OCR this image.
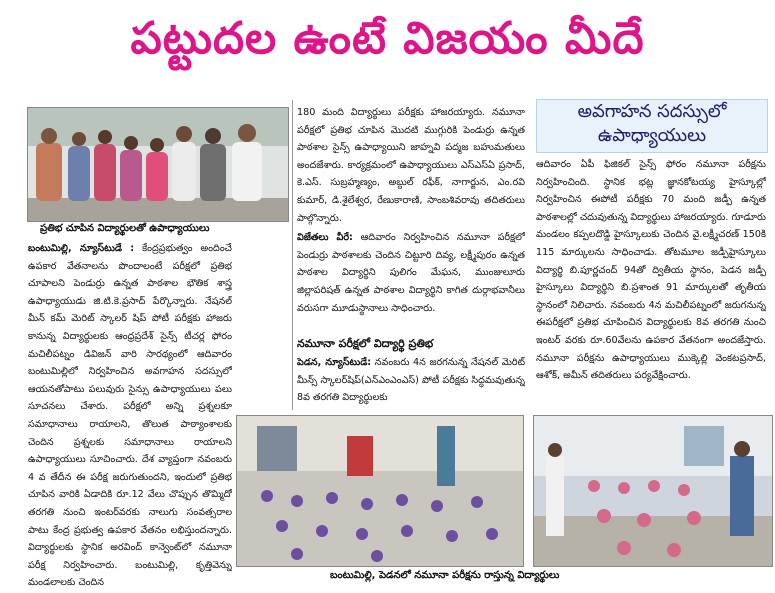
పట్టుదల ఉంటే విజయం మీదే
ప్రతిభ చూపిన విద్యార్థులతో ఉపాధ్యాయులు

బంటుమిల్లి, న్యూస్‌టుడే : కేంద్రప్రభుత్వం అందించే ఉపకార వేతనాలను పొందాలంటే పరీక్షలో ప్రతిభ చూపాలని పెండుర్రు ఉన్నత పాఠశాల భౌతిక శాస్త్ర ఉపాధ్యాయుడు జి.టి.కె.ప్రసాద్ పేర్కొన్నారు. నేషనల్ మీన్ కమ్ మెరిట్ స్కాలర్ షిప్ పోటీ పరీక్షకు హాజరు కానున్న విద్యార్థులకు ఆంధ్రప్రదేశ్ సైన్స్ టీచర్ల ఫోరం మచిలీపట్నం డివిజన్ వారి సారథ్యంలో ఆదివారం బంటుమిల్లిలో నిర్వహించిన అవగాహన సదస్సులో ఆయనతోపాటు పలువురు సైన్సు ఉపాధ్యాయులు పలు సూచనలు చేశారు. పరీక్షలో అన్ని ప్రశ్నలకూ సమాధానాలు రాయాలని, తొలుత పాఠ్యాంశాలకు చెందిన ప్రశ్నలకు సమాధానాలు రాయాలని ఉపాధ్యాయులు సూచించారు. దేశ వ్యాప్తంగా నవంబరు 4 వ తేదీన ఈ పరీక్ష జరుగుతుందని, ఇందులో ప్రతిభ చూపిన వారికి ఏడాదికి రూ.12 వేలు చొప్పున తొమ్మిదో తరగతి నుంచి ఇంటర్‌వరకు నాలుగు సంవత్సరాల పాటు కేంద్ర ప్రభుత్వ ఉపకార వేతనం లభిస్తుందన్నారు. విద్యార్థులకు స్థానిక అరవింద్ కాన్వెంట్‌లో నమూనా పరీక్ష నిర్వహించారు. బంటుమిల్లి, కృత్తివెన్ను మండలాలకు చెందిన

180 మంది విద్యార్థులు పరీక్షకు హాజరయ్యారు. నమూనా పరీక్షలో ప్రతిభ చూపిన మొదటి ముగ్గురికి పెండుర్రు ఉన్నత పాఠశాల సైన్స్ ఉపాధ్యాయిని జాహ్నవి పద్మజ బహుమతులు అందజేశారు. కార్యక్రమంలో ఉపాధ్యాయులు ఎస్ఎస్ఏ ప్రసాద్, కె.ఎస్. సుబ్రహ్మణ్యం, అబ్దుల్ రఫీక్, నాగార్జున, ఎం.రవి కుమార్, డి.శైలేశ్వర, రేణుకారాణి, సాంబశివరావు తదితరులు పాల్గొన్నారు.

విజేతలు వీరే: ఆదివారం నిర్వహించిన నమూనా పరీక్షలో పెండుర్రు పాఠశాలకు చెందిన చిట్టూరి దివ్య, లక్ష్మీపురం ఉన్నత పాఠశాల విద్యార్థిని పులిగం మేఘన, ముంజులూరు జిల్లాపరిషత్ ఉన్నత పాఠశాల విద్యార్థిని కాగిత దుర్గాభవానీలు వరుసగా మూడుస్థానాలు సాధించారు.

నమూనా పరీక్షలో విద్యార్థి ప్రతిభ

పెడన, న్యూస్‌టుడే: నవంబరు 4న జరగనున్న నేషనల్ మెరిట్ మీన్స్ స్కాలర్‌షిప్(ఎన్ఎంఎంఎస్) పోటీ పరీక్షకు సిద్ధమవుతున్న 8వ తరగతి విద్యార్థులకు

అవగాహన సదస్సులో
ఉపాధ్యాయులు

ఆదివారం ఏపీ ఫిజికల్ సైన్స్ ఫోరం నమూనా పరీక్షను నిర్వహించింది. స్థానిక భట్ల జ్ఞానకోటయ్య హైస్కూల్లో నిర్వహించిన ఈపోటీ పరీక్షకు 70 మంది జడ్పీ ఉన్నత పాఠశాలల్లో చదువుతున్న విద్యార్థులు హాజరయ్యారు. గూడూరు మండలం కప్పలదొడ్డి హైస్కూలుకు చెందిన వై.లక్ష్మీచరణ్ 150కి 115 మార్కులను సాధించాడు. తోటమూల జడ్పీహైస్కూలు విద్యార్థి బి.పూర్ణచంద్ 94తో ద్వితీయ స్థానం, పెడన జడ్పీ హైస్కూలు విద్యార్థిని బి.ప్రశాంత 91 మార్కులతో తృతీయ స్థానంలో నిలిచారు. నవంబరు 4న మచిలీపట్నంలో జరుగనున్న ఈపరీక్షలో ప్రతిభ చూపించిన విద్యార్థులకు 8వ తరగతి నుంచి ఇంటర్ వరకు రూ.60వేలను ఉపకార వేతనంగా అందజేస్తారు. నమూనా పరీక్షను ఉపాధ్యాయులు ముక్కెల్లి వెంకటప్రసాద్, ఆశోక్, అమీన్ తదితరులు పర్యవేక్షించారు.

బంటుమిల్లి, పెడనలో నమూనా పరీక్షను రాస్తున్న విద్యార్థులు
